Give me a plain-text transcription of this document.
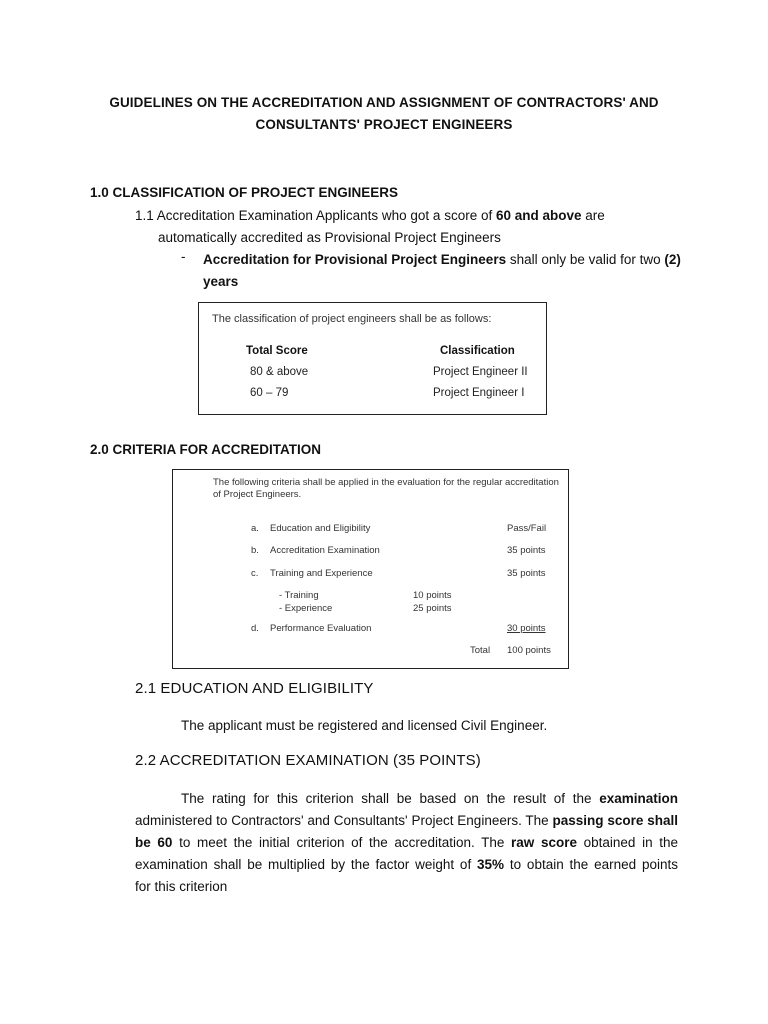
GUIDELINES ON THE ACCREDITATION AND ASSIGNMENT OF CONTRACTORS' AND
CONSULTANTS' PROJECT ENGINEERS
1.0 CLASSIFICATION OF PROJECT ENGINEERS
1.1 Accreditation Examination Applicants who got a score of 60 and above are
automatically accredited as Provisional Project Engineers
- Accreditation for Provisional Project Engineers shall only be valid for two (2)
years
The classification of project engineers shall be as follows:
Total Score	Classification
80 & above	Project Engineer II
60 – 79	Project Engineer I
2.0 CRITERIA FOR ACCREDITATION
The following criteria shall be applied in the evaluation for the regular accreditation
of Project Engineers.
a. Education and Eligibility	Pass/Fail
b. Accreditation Examination	35 points
c. Training and Experience	35 points
- Training	10 points
- Experience	25 points
d. Performance Evaluation	30 points
Total 100 points
2.1 EDUCATION AND ELIGIBILITY
The applicant must be registered and licensed Civil Engineer.
2.2 ACCREDITATION EXAMINATION (35 POINTS)
The rating for this criterion shall be based on the result of the examination
administered to Contractors' and Consultants' Project Engineers. The passing score shall
be 60 to meet the initial criterion of the accreditation. The raw score obtained in the
examination shall be multiplied by the factor weight of 35% to obtain the earned points
for this criterion
